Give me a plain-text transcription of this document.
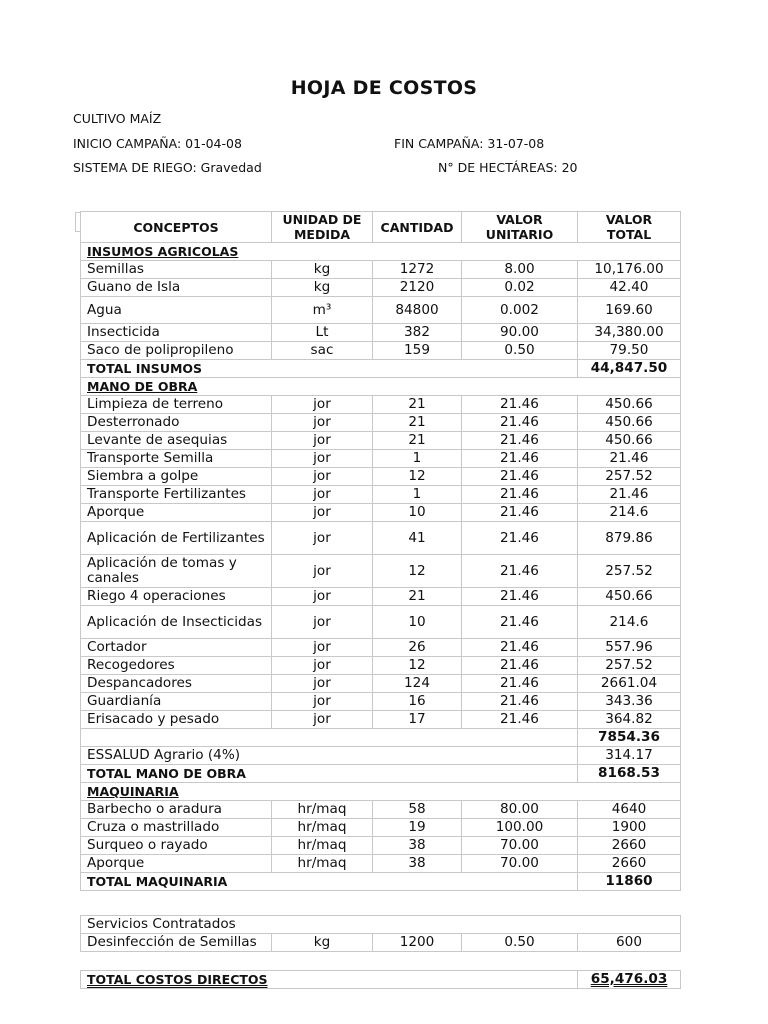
HOJA DE COSTOS
CULTIVO MAÍZ
INICIO CAMPAÑA: 01-04-08	FIN CAMPAÑA: 31-07-08
SISTEMA DE RIEGO: Gravedad	N° DE HECTÁREAS: 20
CONCEPTOS	UNIDAD DE MEDIDA	CANTIDAD	VALOR UNITARIO	VALOR TOTAL
INSUMOS AGRICOLAS				
Semillas	kg	1272	8.00	10,176.00
Guano de Isla	kg	2120	0.02	42.40
Agua	m³	84800	0.002	169.60
Insecticida	Lt	382	90.00	34,380.00
Saco de polipropileno	sac	159	0.50	79.50
TOTAL INSUMOS				44,847.50
MANO DE OBRA				
Limpieza de terreno	jor	21	21.46	450.66
Desterronado	jor	21	21.46	450.66
Levante de asequias	jor	21	21.46	450.66
Transporte Semilla	jor	1	21.46	21.46
Siembra a golpe	jor	12	21.46	257.52
Transporte Fertilizantes	jor	1	21.46	21.46
Aporque	jor	10	21.46	214.6
Aplicación de Fertilizantes	jor	41	21.46	879.86
Aplicación de tomas y canales	jor	12	21.46	257.52
Riego 4 operaciones	jor	21	21.46	450.66
Aplicación de Insecticidas	jor	10	21.46	214.6
Cortador	jor	26	21.46	557.96
Recogedores	jor	12	21.46	257.52
Despancadores	jor	124	21.46	2661.04
Guardianía	jor	16	21.46	343.36
Erisacado y pesado	jor	17	21.46	364.82
				7854.36
ESSALUD Agrario (4%)				314.17
TOTAL MANO DE OBRA				8168.53
MAQUINARIA				
Barbecho o aradura	hr/maq	58	80.00	4640
Cruza o mastrillado	hr/maq	19	100.00	1900
Surqueo o rayado	hr/maq	38	70.00	2660
Aporque	hr/maq	38	70.00	2660
TOTAL MAQUINARIA				11860
Servicios Contratados
Desinfección de Semillas	kg	1200	0.50	600
TOTAL COSTOS DIRECTOS	65,476.03
